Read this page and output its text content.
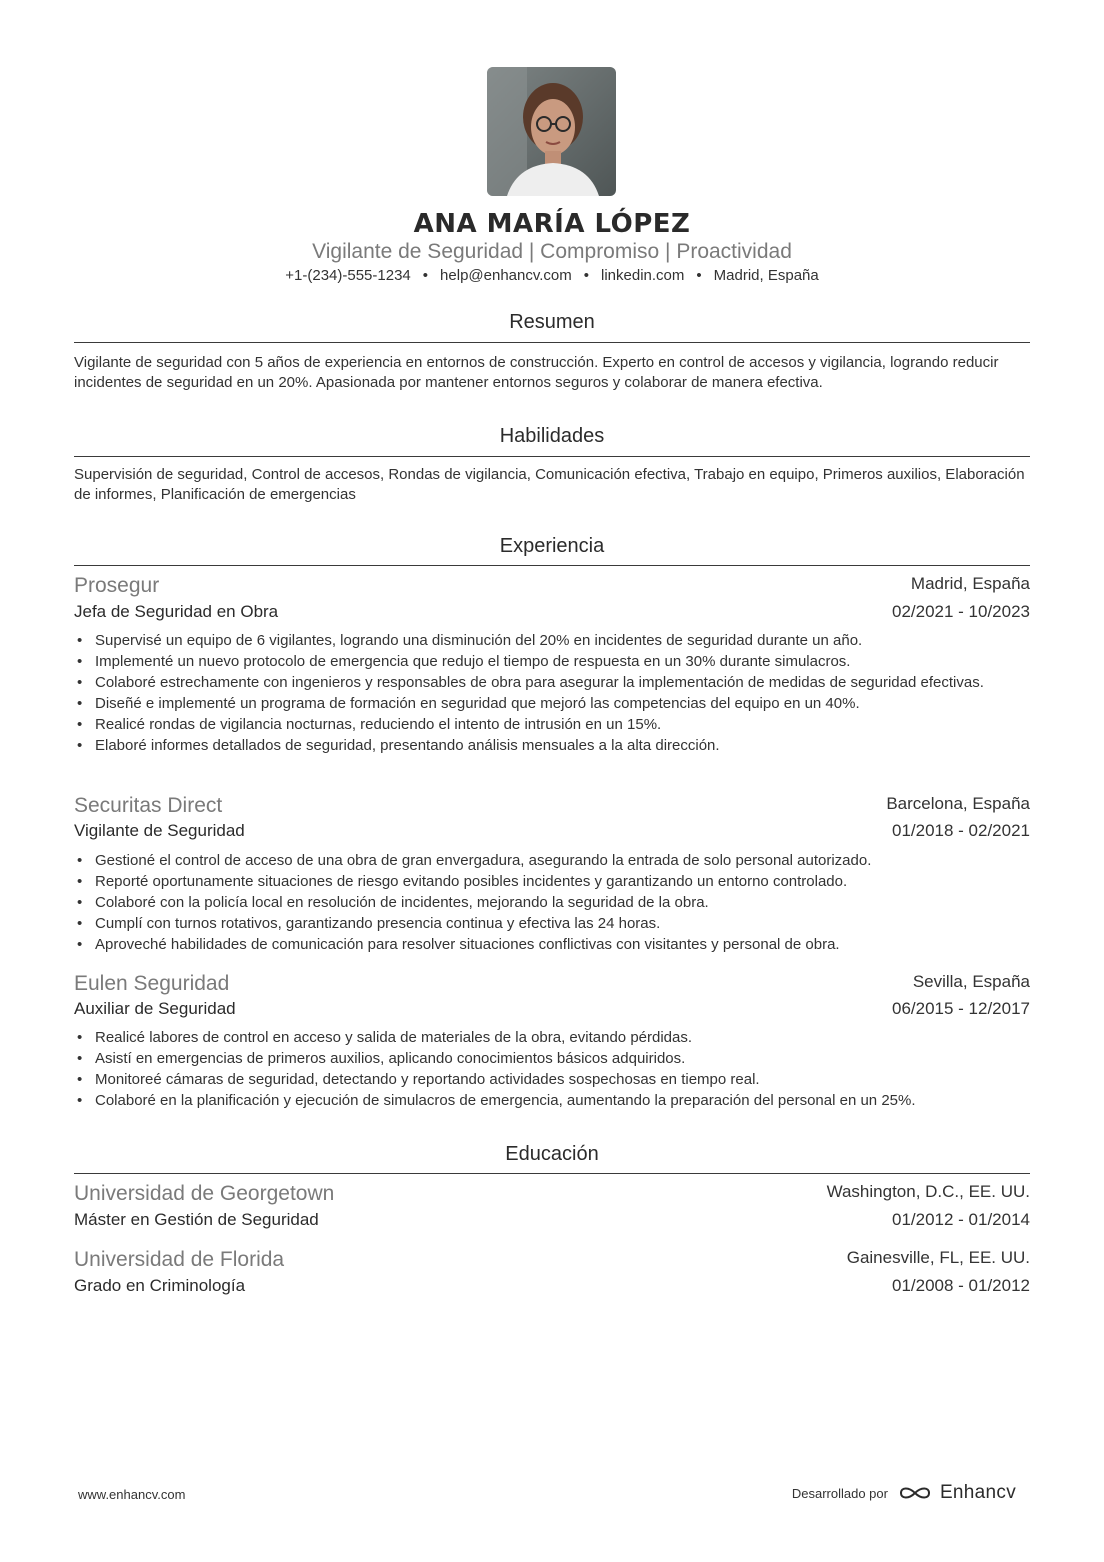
ANA MARÍA LÓPEZ
Vigilante de Seguridad | Compromiso | Proactividad
+1-(234)-555-1234 • help@enhancv.com • linkedin.com • Madrid, España
Resumen
Vigilante de seguridad con 5 años de experiencia en entornos de construcción. Experto en control de accesos y vigilancia, logrando reducir incidentes de seguridad en un 20%. Apasionada por mantener entornos seguros y colaborar de manera efectiva.
Habilidades
Supervisión de seguridad, Control de accesos, Rondas de vigilancia, Comunicación efectiva, Trabajo en equipo, Primeros auxilios, Elaboración de informes, Planificación de emergencias
Experiencia
Prosegur	Madrid, España
Jefa de Seguridad en Obra	02/2021 - 10/2023
• Supervisé un equipo de 6 vigilantes, logrando una disminución del 20% en incidentes de seguridad durante un año.
• Implementé un nuevo protocolo de emergencia que redujo el tiempo de respuesta en un 30% durante simulacros.
• Colaboré estrechamente con ingenieros y responsables de obra para asegurar la implementación de medidas de seguridad efectivas.
• Diseñé e implementé un programa de formación en seguridad que mejoró las competencias del equipo en un 40%.
• Realicé rondas de vigilancia nocturnas, reduciendo el intento de intrusión en un 15%.
• Elaboré informes detallados de seguridad, presentando análisis mensuales a la alta dirección.
Securitas Direct	Barcelona, España
Vigilante de Seguridad	01/2018 - 02/2021
• Gestioné el control de acceso de una obra de gran envergadura, asegurando la entrada de solo personal autorizado.
• Reporté oportunamente situaciones de riesgo evitando posibles incidentes y garantizando un entorno controlado.
• Colaboré con la policía local en resolución de incidentes, mejorando la seguridad de la obra.
• Cumplí con turnos rotativos, garantizando presencia continua y efectiva las 24 horas.
• Aproveché habilidades de comunicación para resolver situaciones conflictivas con visitantes y personal de obra.
Eulen Seguridad	Sevilla, España
Auxiliar de Seguridad	06/2015 - 12/2017
• Realicé labores de control en acceso y salida de materiales de la obra, evitando pérdidas.
• Asistí en emergencias de primeros auxilios, aplicando conocimientos básicos adquiridos.
• Monitoreé cámaras de seguridad, detectando y reportando actividades sospechosas en tiempo real.
• Colaboré en la planificación y ejecución de simulacros de emergencia, aumentando la preparación del personal en un 25%.
Educación
Universidad de Georgetown	Washington, D.C., EE. UU.
Máster en Gestión de Seguridad	01/2012 - 01/2014
Universidad de Florida	Gainesville, FL, EE. UU.
Grado en Criminología	01/2008 - 01/2012
www.enhancv.com	Desarrollado por	Enhancv
